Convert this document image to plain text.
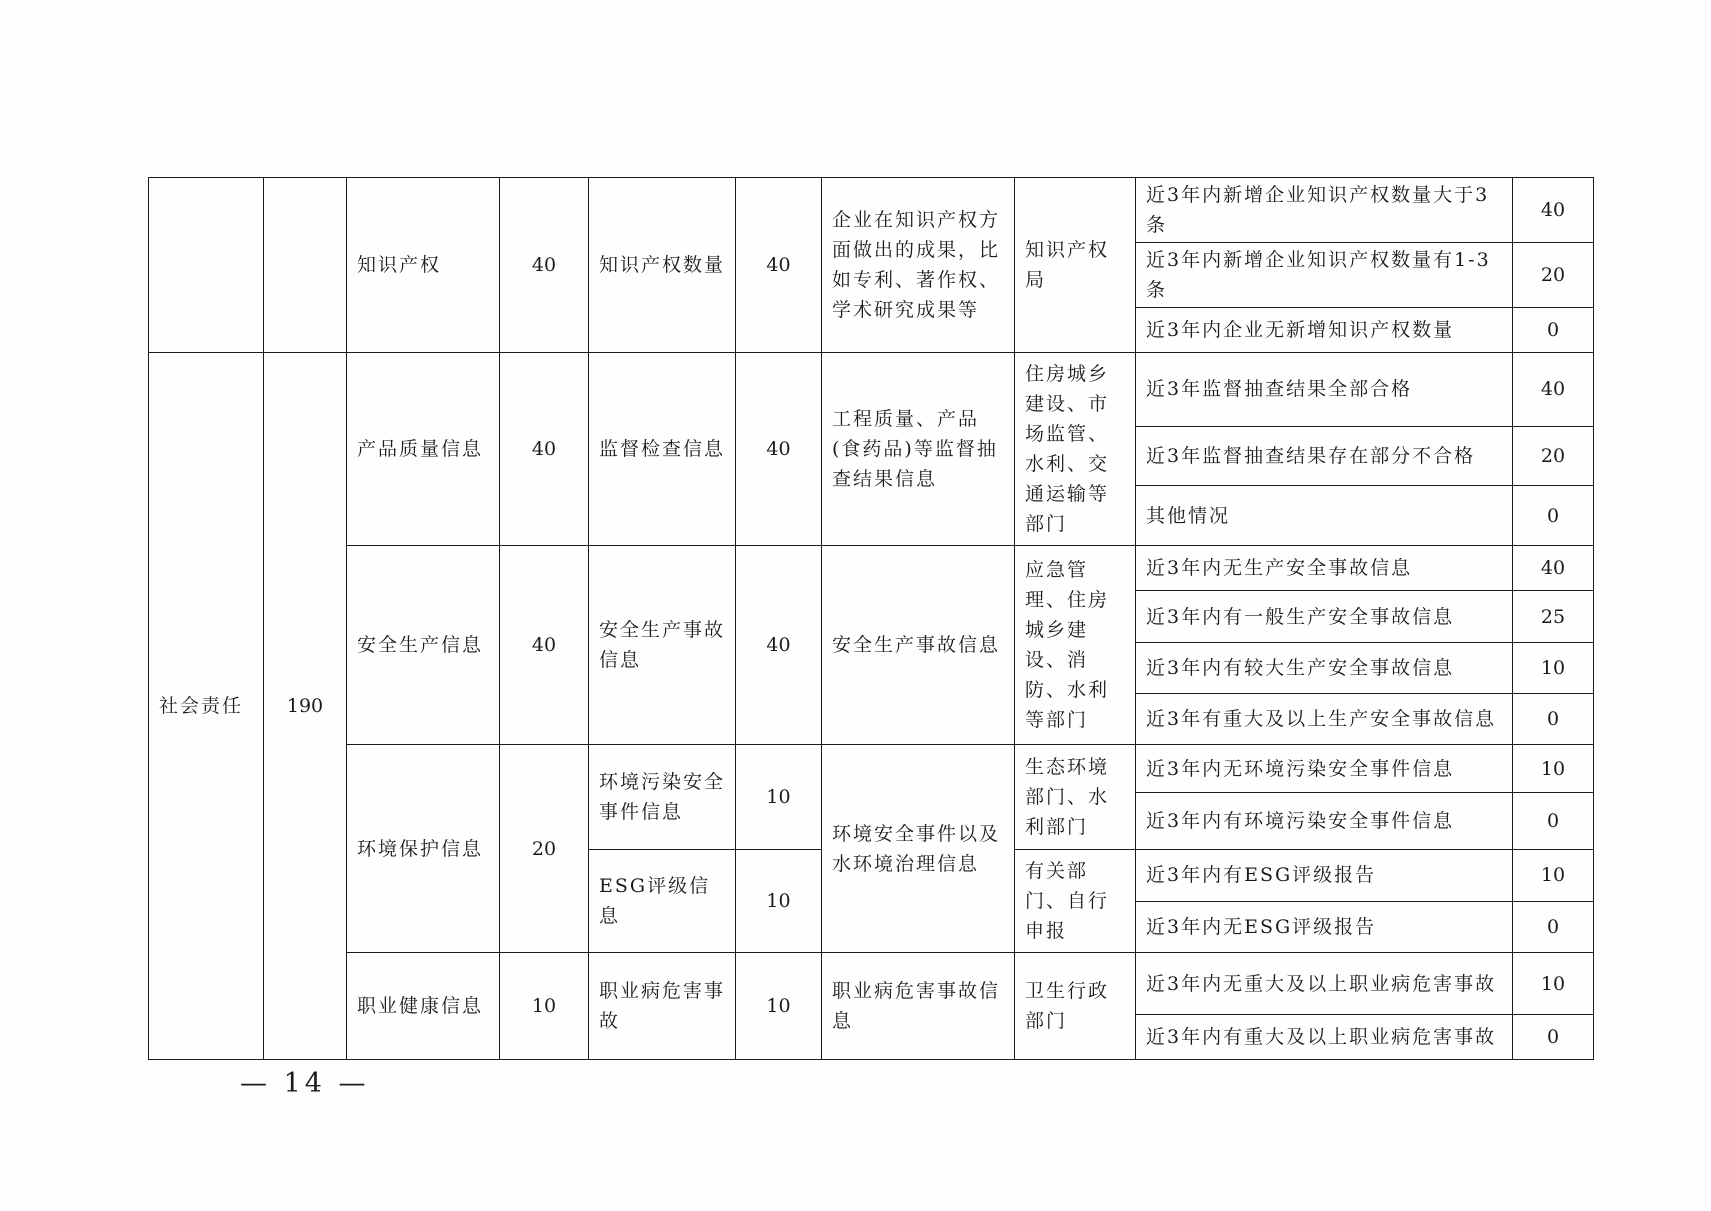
		知识产权	40	知识产权数量	40	企业在知识产权方面做出的成果，比如专利、著作权、学术研究成果等	知识产权局	近3年内新增企业知识产权数量大于3条	40
								近3年内新增企业知识产权数量有1-3条	20
								近3年内企业无新增知识产权数量	0
社会责任	190	产品质量信息	40	监督检查信息	40	工程质量、产品(食药品)等监督抽查结果信息	住房城乡建设、市场监管、水利、交通运输等部门	近3年监督抽查结果全部合格	40
								近3年监督抽查结果存在部分不合格	20
								其他情况	0
		安全生产信息	40	安全生产事故信息	40	安全生产事故信息	应急管理、住房城乡建设、消防、水利等部门	近3年内无生产安全事故信息	40
								近3年内有一般生产安全事故信息	25
								近3年内有较大生产安全事故信息	10
								近3年有重大及以上生产安全事故信息	0
		环境保护信息	20	环境污染安全事件信息	10	环境安全事件以及水环境治理信息	生态环境部门、水利部门	近3年内无环境污染安全事件信息	10
								近3年内有环境污染安全事件信息	0
				ESG评级信息	10		有关部门、自行申报	近3年内有ESG评级报告	10
								近3年内无ESG评级报告	0
		职业健康信息	10	职业病危害事故	10	职业病危害事故信息	卫生行政部门	近3年内无重大及以上职业病危害事故	10
								近3年内有重大及以上职业病危害事故	0
— 14 —
